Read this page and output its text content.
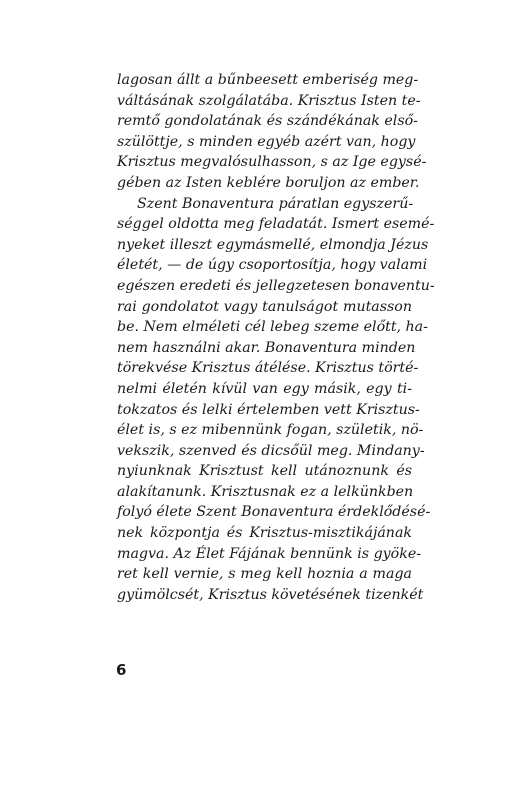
lagosan állt a bűnbeesett emberiség meg-
váltásának szolgálatába. Krisztus Isten te-
remtő gondolatának és szándékának első-
szülöttje, s minden egyéb azért van, hogy
Krisztus megvalósulhasson, s az Ige egysé-
gében az Isten keblére boruljon az ember.

Szent Bonaventura páratlan egyszerű-
séggel oldotta meg feladatát. Ismert esemé-
nyeket illeszt egymásmellé, elmondja Jézus
életét, — de úgy csoportosítja, hogy valami
egészen eredeti és jellegzetesen bonaventu-
rai gondolatot vagy tanulságot mutasson
be. Nem elméleti cél lebeg szeme előtt, ha-
nem használni akar. Bonaventura minden
törekvése Krisztus átélése. Krisztus törté-
nelmi életén kívül van egy másik, egy ti-
tokzatos és lelki értelemben vett Krisztus-
élet is, s ez mibennünk fogan, születik, nö-
vekszik, szenved és dicsőül meg. Mindany-
nyiunknak Krisztust kell utánoznunk és
alakítanunk. Krisztusnak ez a lelkünkben
folyó élete Szent Bonaventura érdeklődésé-
nek központja és Krisztus-misztikájának
magva. Az Élet Fájának bennünk is gyöke-
ret kell vernie, s meg kell hoznia a maga
gyümölcsét, Krisztus követésének tizenkét

6
